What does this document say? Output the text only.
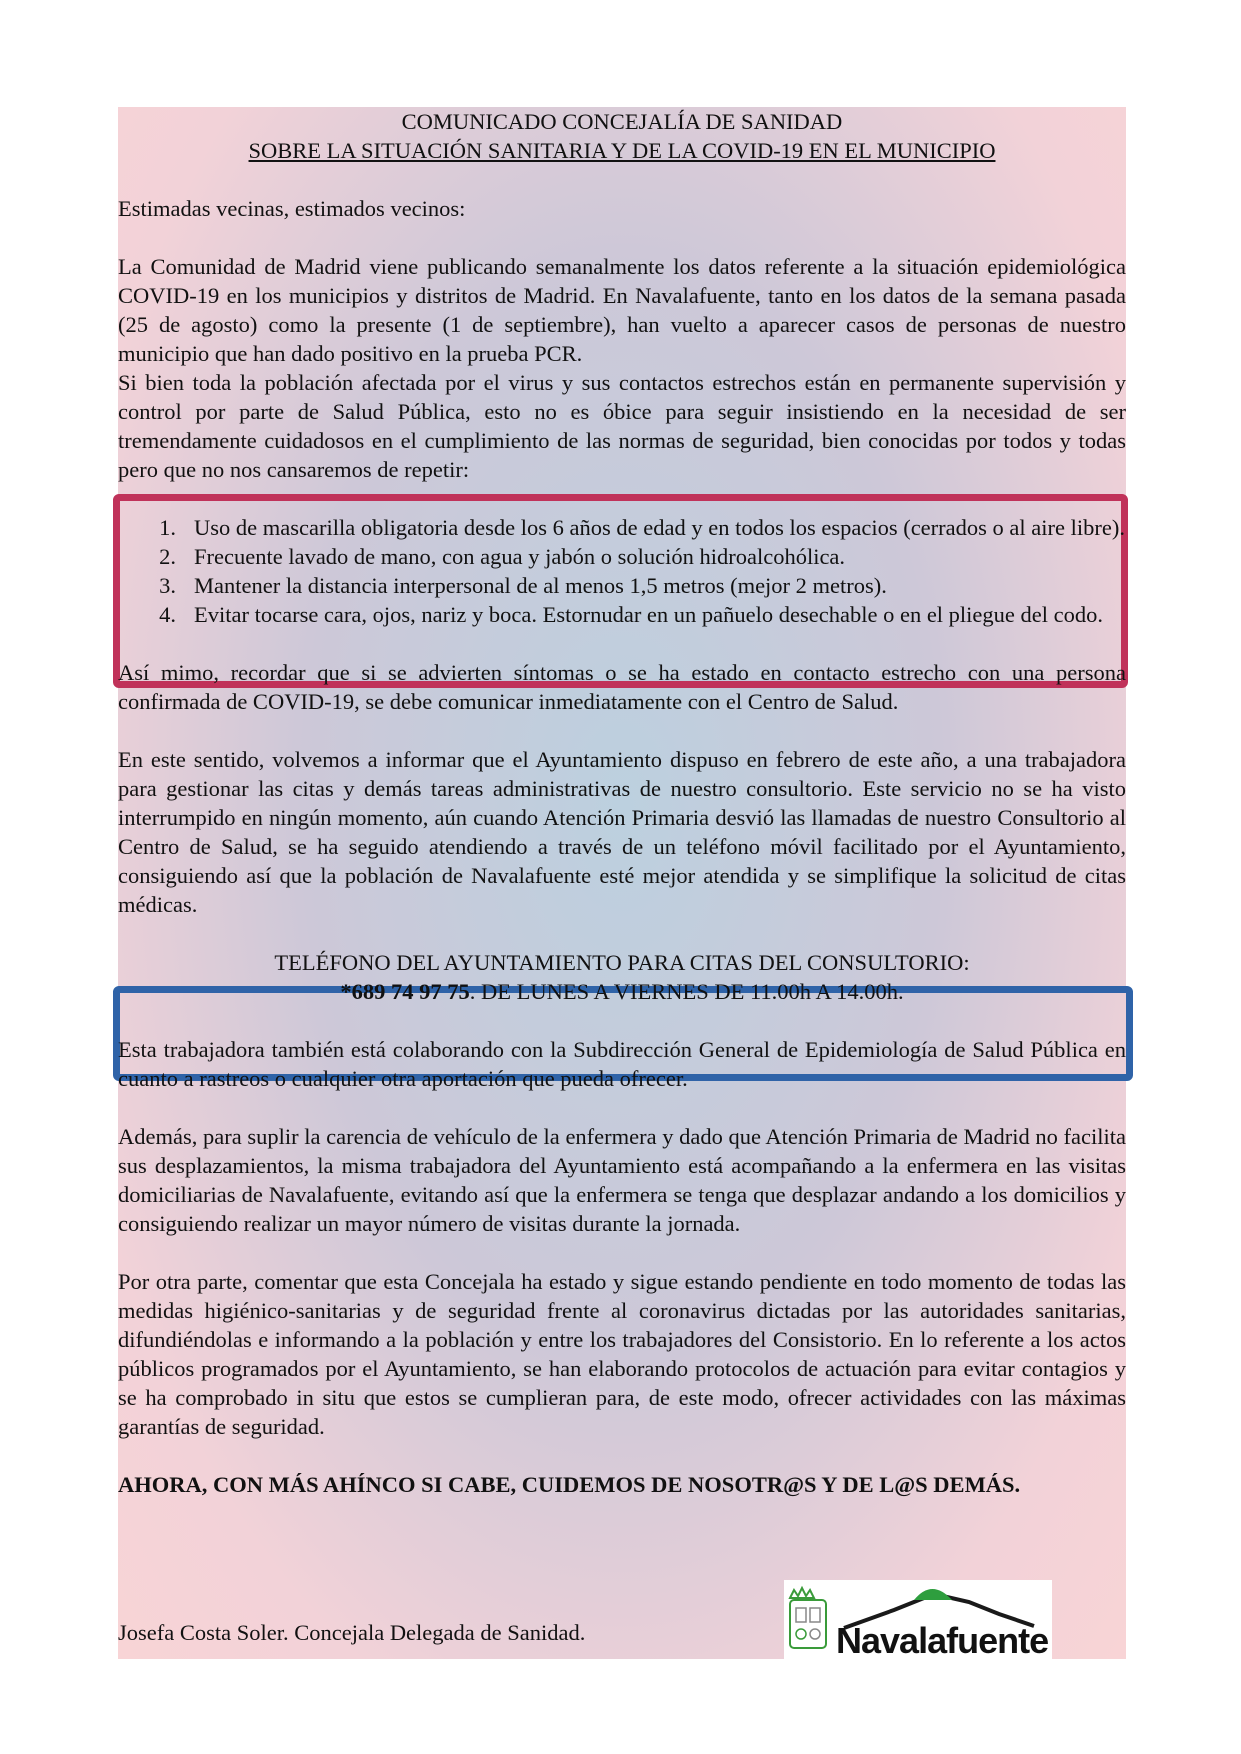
COMUNICADO CONCEJALÍA DE SANIDAD

SOBRE LA SITUACIÓN SANITARIA Y DE LA COVID-19 EN EL MUNICIPIO

Estimadas vecinas, estimados vecinos:

La Comunidad de Madrid viene publicando semanalmente los datos referente a la situación epidemiológica COVID-19 en los municipios y distritos de Madrid. En Navalafuente, tanto en los datos de la semana pasada (25 de agosto) como la presente (1 de septiembre), han vuelto a aparecer casos de personas de nuestro municipio que han dado positivo en la prueba PCR.

Si bien toda la población afectada por el virus y sus contactos estrechos están en permanente supervisión y control por parte de Salud Pública, esto no es óbice para seguir insistiendo en la necesidad de ser tremendamente cuidadosos en el cumplimiento de las normas de seguridad, bien conocidas por todos y todas pero que no nos cansaremos de repetir:

1. Uso de mascarilla obligatoria desde los 6 años de edad y en todos los espacios (cerrados o al aire libre).
2. Frecuente lavado de mano, con agua y jabón o solución hidroalcohólica.
3. Mantener la distancia interpersonal de al menos 1,5 metros (mejor 2 metros).
4. Evitar tocarse cara, ojos, nariz y boca. Estornudar en un pañuelo desechable o en el pliegue del codo.

Así mimo, recordar que si se advierten síntomas o se ha estado en contacto estrecho con una persona confirmada de COVID-19, se debe comunicar inmediatamente con el Centro de Salud.

En este sentido, volvemos a informar que el Ayuntamiento dispuso en febrero de este año, a una trabajadora para gestionar las citas y demás tareas administrativas de nuestro consultorio. Este servicio no se ha visto interrumpido en ningún momento, aún cuando Atención Primaria desvió las llamadas de nuestro Consultorio al Centro de Salud, se ha seguido atendiendo a través de un teléfono móvil facilitado por el Ayuntamiento, consiguiendo así que la población de Navalafuente esté mejor atendida y se simplifique la solicitud de citas médicas.

TELÉFONO DEL AYUNTAMIENTO PARA CITAS DEL CONSULTORIO:

*689 74 97 75. DE LUNES A VIERNES DE 11.00h A 14.00h.

Esta trabajadora también está colaborando con la Subdirección General de Epidemiología de Salud Pública en cuanto a rastreos o cualquier otra aportación que pueda ofrecer.

Además, para suplir la carencia de vehículo de la enfermera y dado que Atención Primaria de Madrid no facilita sus desplazamientos, la misma trabajadora del Ayuntamiento está acompañando a la enfermera en las visitas domiciliarias de Navalafuente, evitando así que la enfermera se tenga que desplazar andando a los domicilios y consiguiendo realizar un mayor número de visitas durante la jornada.

Por otra parte, comentar que esta Concejala ha estado y sigue estando pendiente en todo momento de todas las medidas higiénico-sanitarias y de seguridad frente al coronavirus dictadas por las autoridades sanitarias, difundiéndolas e informando a la población y entre los trabajadores del Consistorio. En lo referente a los actos públicos programados por el Ayuntamiento, se han elaborando protocolos de actuación para evitar contagios y se ha comprobado in situ que estos se cumplieran para, de este modo, ofrecer actividades con las máximas garantías de seguridad.

AHORA, CON MÁS AHÍNCO SI CABE, CUIDEMOS DE NOSOTR@S Y DE L@S DEMÁS.

Josefa Costa Soler. Concejala Delegada de Sanidad.	Navalafuente
